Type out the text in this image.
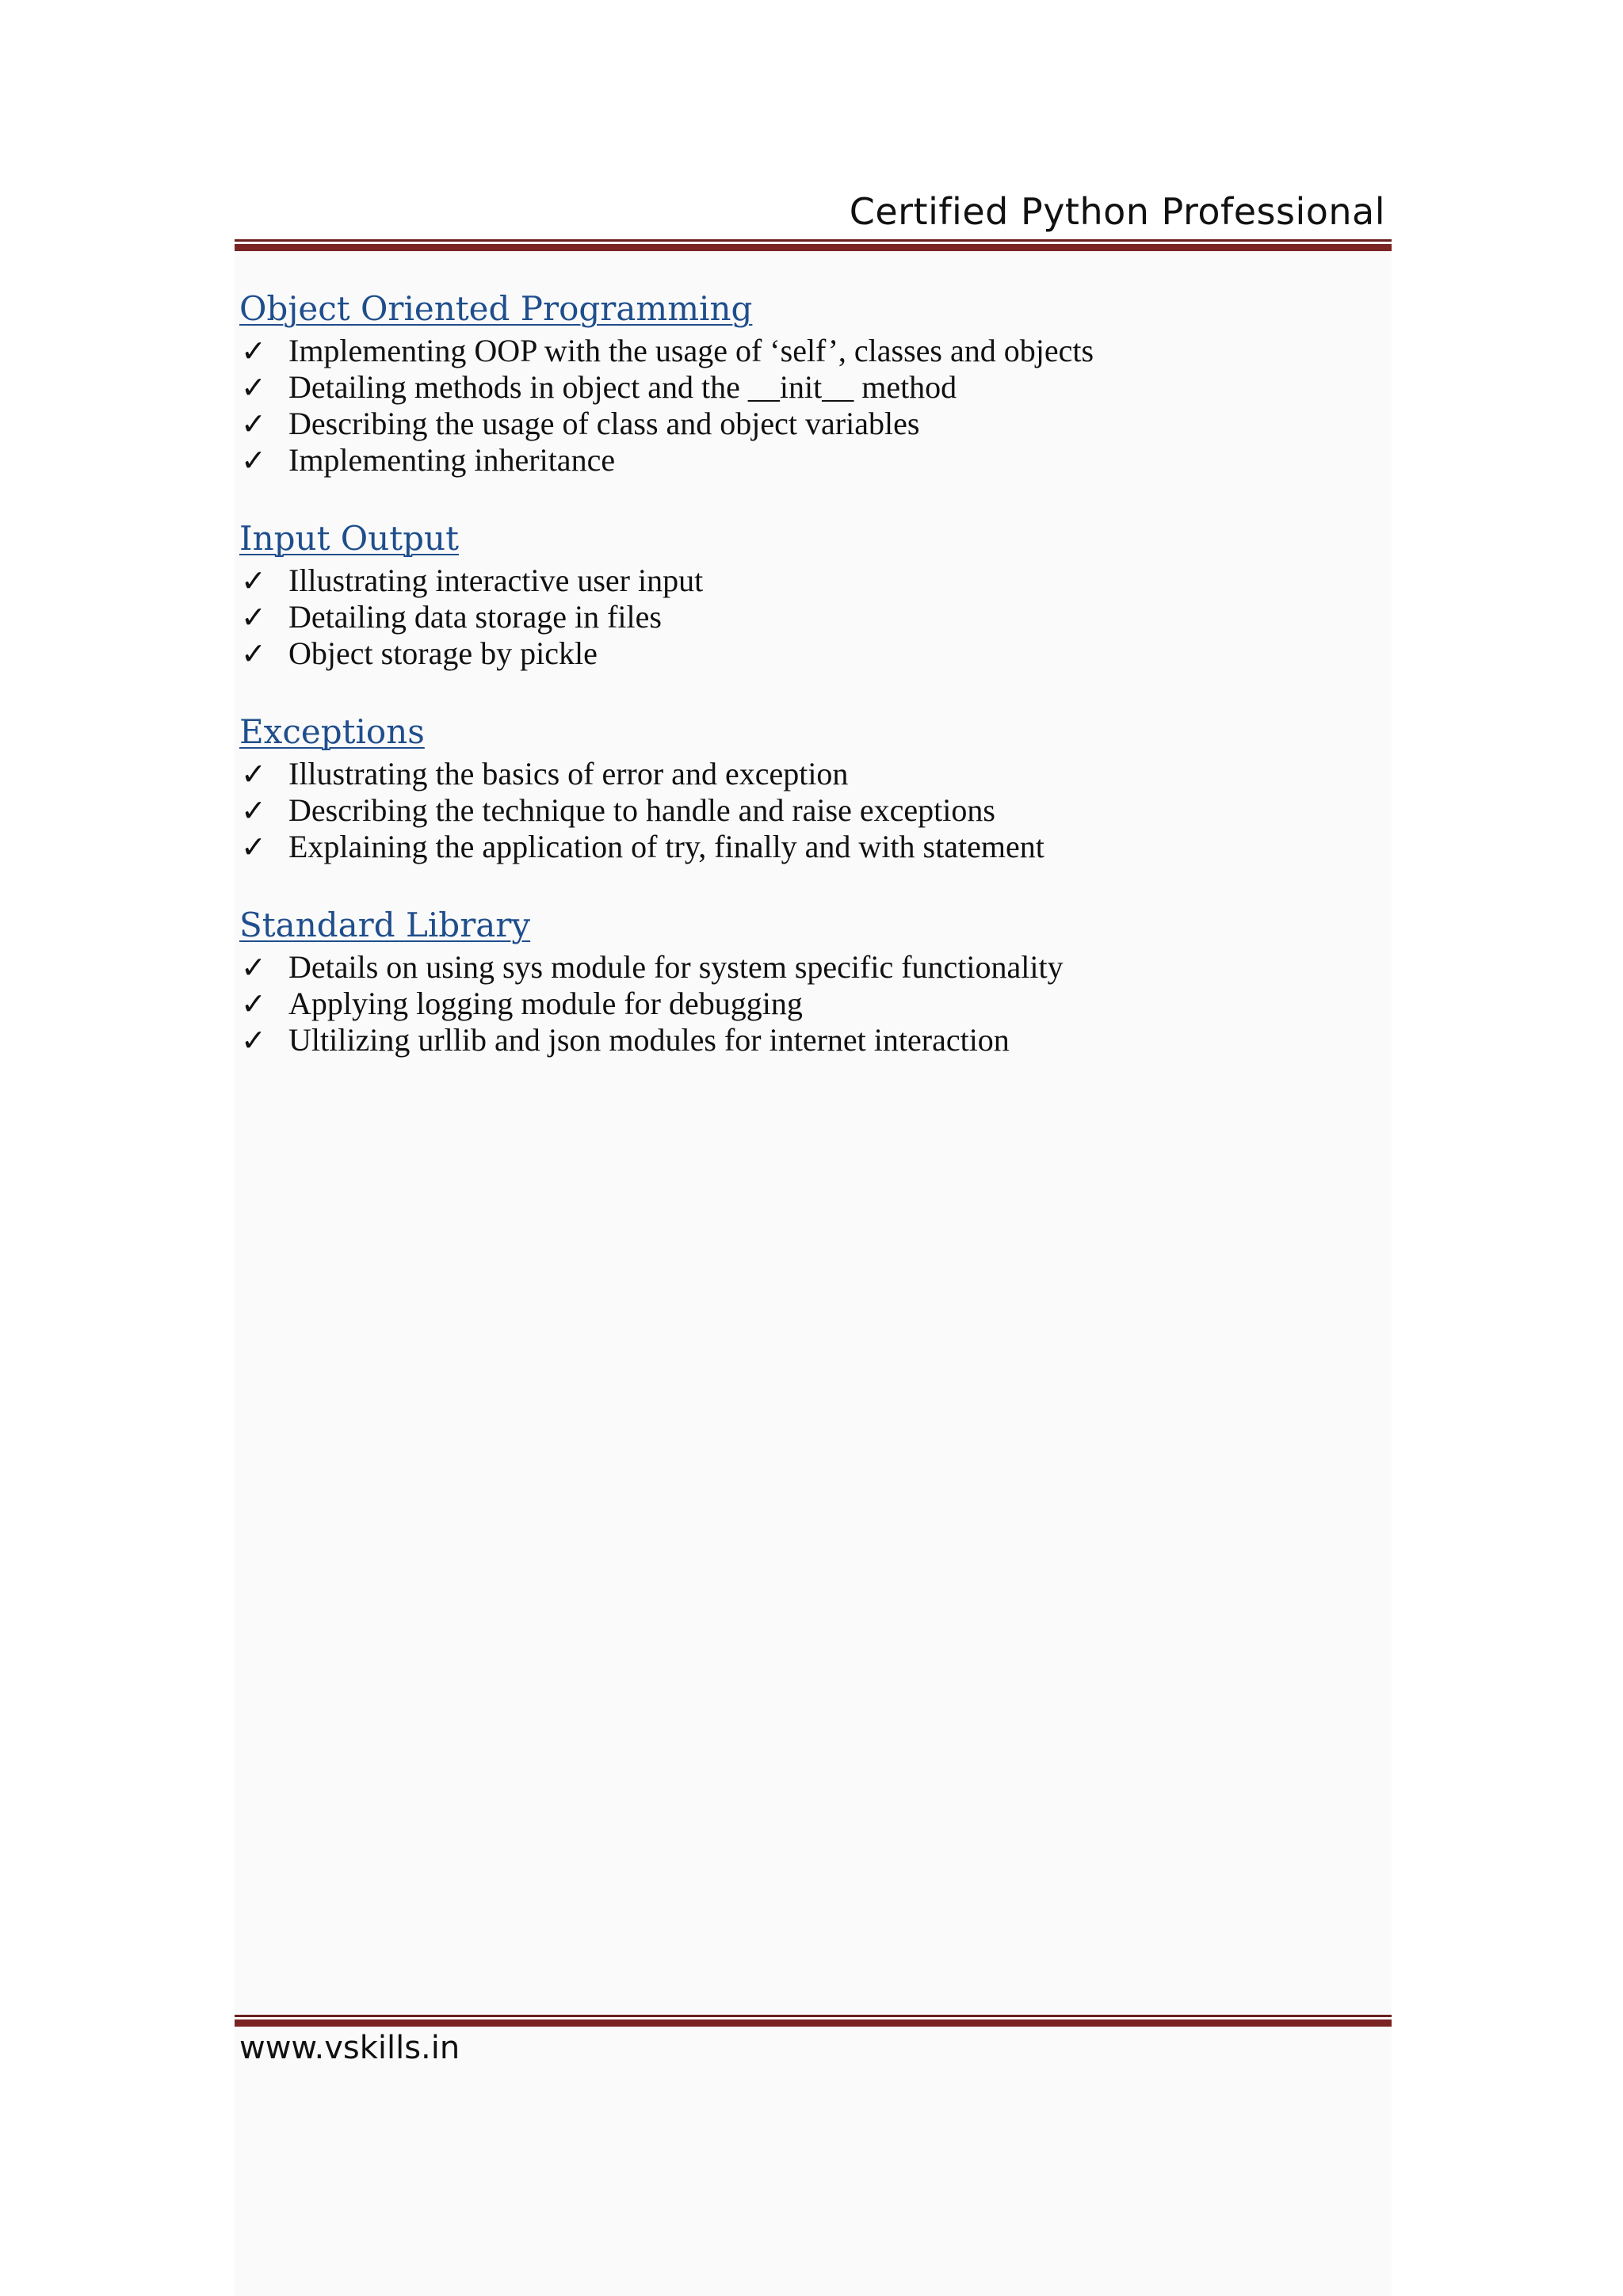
Certified Python Professional
Object Oriented Programming
✓ Implementing OOP with the usage of ‘self’, classes and objects
✓ Detailing methods in object and the __init__ method
✓ Describing the usage of class and object variables
✓ Implementing inheritance
Input Output
✓ Illustrating interactive user input
✓ Detailing data storage in files
✓ Object storage by pickle
Exceptions
✓ Illustrating the basics of error and exception
✓ Describing the technique to handle and raise exceptions
✓ Explaining the application of try, finally and with statement
Standard Library
✓ Details on using sys module for system specific functionality
✓ Applying logging module for debugging
✓ Ultilizing urllib and json modules for internet interaction
www.vskills.in
